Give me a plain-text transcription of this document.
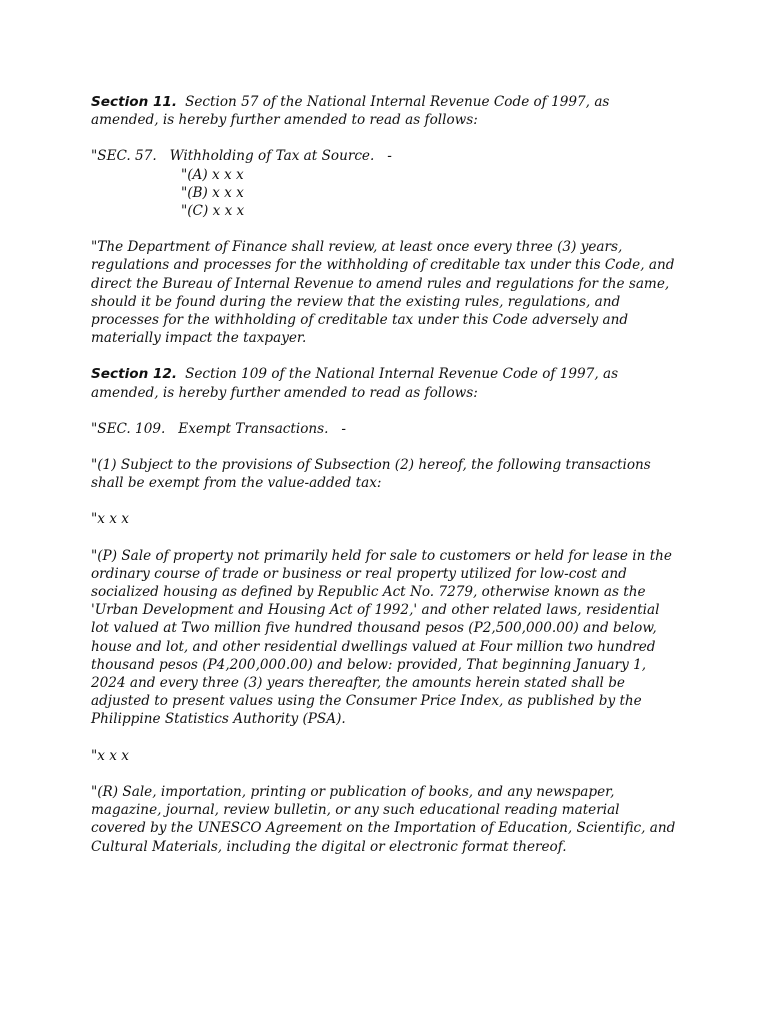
Section 11. Section 57 of the National Internal Revenue Code of 1997, as amended, is hereby further amended to read as follows:

"SEC. 57.   Withholding of Tax at Source.   -

"(A) x x x

"(B) x x x

"(C) x x x

"The Department of Finance shall review, at least once every three (3) years, regulations and processes for the withholding of creditable tax under this Code, and direct the Bureau of Internal Revenue to amend rules and regulations for the same, should it be found during the review that the existing rules, regulations, and processes for the withholding of creditable tax under this Code adversely and materially impact the taxpayer.

Section 12. Section 109 of the National Internal Revenue Code of 1997, as amended, is hereby further amended to read as follows:

"SEC. 109.   Exempt Transactions.   -

"(1) Subject to the provisions of Subsection (2) hereof, the following transactions shall be exempt from the value-added tax:

"x x x

"(P) Sale of property not primarily held for sale to customers or held for lease in the ordinary course of trade or business or real property utilized for low-cost and socialized housing as defined by Republic Act No. 7279, otherwise known as the 'Urban Development and Housing Act of 1992,' and other related laws, residential lot valued at Two million five hundred thousand pesos (P2,500,000.00) and below, house and lot, and other residential dwellings valued at Four million two hundred thousand pesos (P4,200,000.00) and below: provided, That beginning January 1, 2024 and every three (3) years thereafter, the amounts herein stated shall be adjusted to present values using the Consumer Price Index, as published by the Philippine Statistics Authority (PSA).

"x x x

"(R) Sale, importation, printing or publication of books, and any newspaper, magazine, journal, review bulletin, or any such educational reading material covered by the UNESCO Agreement on the Importation of Education, Scientific, and Cultural Materials, including the digital or electronic format thereof.
